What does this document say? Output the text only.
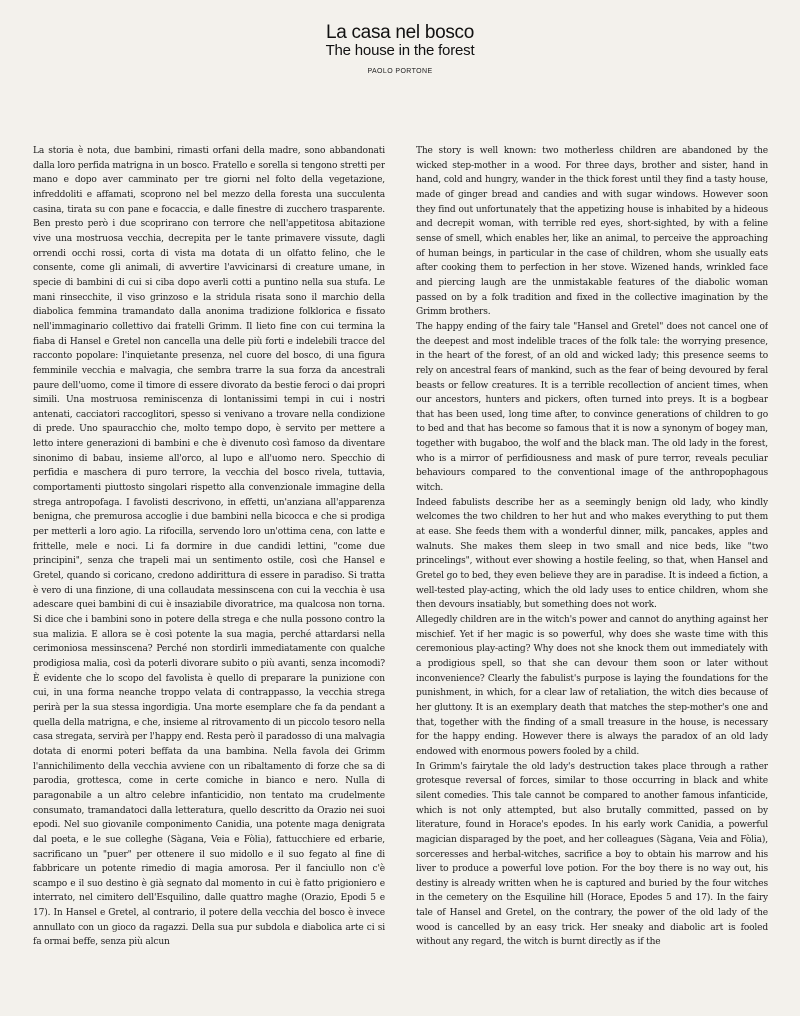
La casa nel bosco
The house in the forest
PAOLO PORTONE

La storia è nota, due bambini, rimasti orfani della madre, sono abbandonati dalla loro perfida matrigna in un bosco. Fratello e sorella si tengono stretti per mano e dopo aver camminato per tre giorni nel folto della vegetazione, infreddoliti e affamati, scoprono nel bel mezzo della foresta una succulenta casina, tirata su con pane e focaccia, e dalle finestre di zucchero trasparente. Ben presto però i due scoprirano con terrore che nell'appetitosa abitazione vive una mostruosa vecchia, decrepita per le tante primavere vissute, dagli orrendi occhi rossi, corta di vista ma dotata di un olfatto felino, che le consente, come gli animali, di avvertire l'avvicinarsi di creature umane, in specie di bambini di cui si ciba dopo averli cotti a puntino nella sua stufa. Le mani rinsecchite, il viso grinzoso e la stridula risata sono il marchio della diabolica femmina tramandato dalla anonima tradizione folklorica e fissato nell'immaginario collettivo dai fratelli Grimm. Il lieto fine con cui termina la fiaba di Hansel e Gretel non cancella una delle più forti e indelebili tracce del racconto popolare: l'inquietante presenza, nel cuore del bosco, di una figura femminile vecchia e malvagia, che sembra trarre la sua forza da ancestrali paure dell'uomo, come il timore di essere divorato da bestie feroci o dai propri simili. Una mostruosa reminiscenza di lontanissimi tempi in cui i nostri antenati, cacciatori raccoglitori, spesso si venivano a trovare nella condizione di prede. Uno spauracchio che, molto tempo dopo, è servito per mettere a letto intere generazioni di bambini e che è divenuto così famoso da diventare sinonimo di babau, insieme all'orco, al lupo e all'uomo nero. Specchio di perfidia e maschera di puro terrore, la vecchia del bosco rivela, tuttavia, comportamenti piuttosto singolari rispetto alla convenzionale immagine della strega antropofaga. I favolisti descrivono, in effetti, un'anziana all'apparenza benigna, che premurosa accoglie i due bambini nella bicocca e che si prodiga per metterli a loro agio. La rifocilla, servendo loro un'ottima cena, con latte e frittelle, mele e noci. Li fa dormire in due candidi lettini, "come due principini", senza che trapeli mai un sentimento ostile, così che Hansel e Gretel, quando si coricano, credono addirittura di essere in paradiso. Si tratta è vero di una finzione, di una collaudata messinscena con cui la vecchia è usa adescare quei bambini di cui è insaziabile divoratrice, ma qualcosa non torna. Si dice che i bambini sono in potere della strega e che nulla possono contro la sua malizia. E allora se è così potente la sua magia, perché attardarsi nella cerimoniosa messinscena? Perché non stordirli immediatamente con qualche prodigiosa malia, così da poterli divorare subito o più avanti, senza incomodi? È evidente che lo scopo del favolista è quello di preparare la punizione con cui, in una forma neanche troppo velata di contrappasso, la vecchia strega perirà per la sua stessa ingordigia. Una morte esemplare che fa da pendant a quella della matrigna, e che, insieme al ritrovamento di un piccolo tesoro nella casa stregata, servirà per l'happy end. Resta però il paradosso di una malvagia dotata di enormi poteri beffata da una bambina. Nella favola dei Grimm l'annichilimento della vecchia avviene con un ribaltamento di forze che sa di parodia, grottesca, come in certe comiche in bianco e nero. Nulla di paragonabile a un altro celebre infanticidio, non tentato ma crudelmente consumato, tramandatoci dalla letteratura, quello descritto da Orazio nei suoi epodi. Nel suo giovanile componimento Canidia, una potente maga denigrata dal poeta, e le sue colleghe (Sàgana, Veia e Fòlia), fattucchiere ed erbarie, sacrificano un "puer" per ottenere il suo midollo e il suo fegato al fine di fabbricare un potente rimedio di magia amorosa. Per il fanciullo non c'è scampo e il suo destino è già segnato dal momento in cui è fatto prigioniero e interrato, nel cimitero dell'Esquilino, dalle quattro maghe (Orazio, Epodi 5 e 17). In Hansel e Gretel, al contrario, il potere della vecchia del bosco è invece annullato con un gioco da ragazzi. Della sua pur subdola e diabolica arte ci si fa ormai beffe, senza più alcun

The story is well known: two motherless children are abandoned by the wicked step-mother in a wood. For three days, brother and sister, hand in hand, cold and hungry, wander in the thick forest until they find a tasty house, made of ginger bread and candies and with sugar windows. However soon they find out unfortunately that the appetizing house is inhabited by a hideous and decrepit woman, with terrible red eyes, short-sighted, by with a feline sense of smell, which enables her, like an animal, to perceive the approaching of human beings, in particular in the case of children, whom she usually eats after cooking them to perfection in her stove. Wizened hands, wrinkled face and piercing laugh are the unmistakable features of the diabolic woman passed on by a folk tradition and fixed in the collective imagination by the Grimm brothers.

The happy ending of the fairy tale "Hansel and Gretel" does not cancel one of the deepest and most indelible traces of the folk tale: the worrying presence, in the heart of the forest, of an old and wicked lady; this presence seems to rely on ancestral fears of mankind, such as the fear of being devoured by feral beasts or fellow creatures. It is a terrible recollection of ancient times, when our ancestors, hunters and pickers, often turned into preys. It is a bogbear that has been used, long time after, to convince generations of children to go to bed and that has become so famous that it is now a synonym of bogey man, together with bugaboo, the wolf and the black man. The old lady in the forest, who is a mirror of perfidiousness and mask of pure terror, reveals peculiar behaviours compared to the conventional image of the anthropophagous witch.

Indeed fabulists describe her as a seemingly benign old lady, who kindly welcomes the two children to her hut and who makes everything to put them at ease. She feeds them with a wonderful dinner, milk, pancakes, apples and walnuts. She makes them sleep in two small and nice beds, like "two princelings", without ever showing a hostile feeling, so that, when Hansel and Gretel go to bed, they even believe they are in paradise. It is indeed a fiction, a well-tested play-acting, which the old lady uses to entice children, whom she then devours insatiably, but something does not work.

Allegedly children are in the witch's power and cannot do anything against her mischief. Yet if her magic is so powerful, why does she waste time with this ceremonious play-acting? Why does not she knock them out immediately with a prodigious spell, so that she can devour them soon or later without inconvenience? Clearly the fabulist's purpose is laying the foundations for the punishment, in which, for a clear law of retaliation, the witch dies because of her gluttony. It is an exemplary death that matches the step-mother's one and that, together with the finding of a small treasure in the house, is necessary for the happy ending. However there is always the paradox of an old lady endowed with enormous powers fooled by a child.

In Grimm's fairytale the old lady's destruction takes place through a rather grotesque reversal of forces, similar to those occurring in black and white silent comedies. This tale cannot be compared to another famous infanticide, which is not only attempted, but also brutally committed, passed on by literature, found in Horace's epodes. In his early work Canidia, a powerful magician disparaged by the poet, and her colleagues (Sàgana, Veia and Fòlia), sorceresses and herbal-witches, sacrifice a boy to obtain his marrow and his liver to produce a powerful love potion. For the boy there is no way out, his destiny is already written when he is captured and buried by the four witches in the cemetery on the Esquiline hill (Horace, Epodes 5 and 17). In the fairy tale of Hansel and Gretel, on the contrary, the power of the old lady of the wood is cancelled by an easy trick. Her sneaky and diabolic art is fooled without any regard, the witch is burnt directly as if the
